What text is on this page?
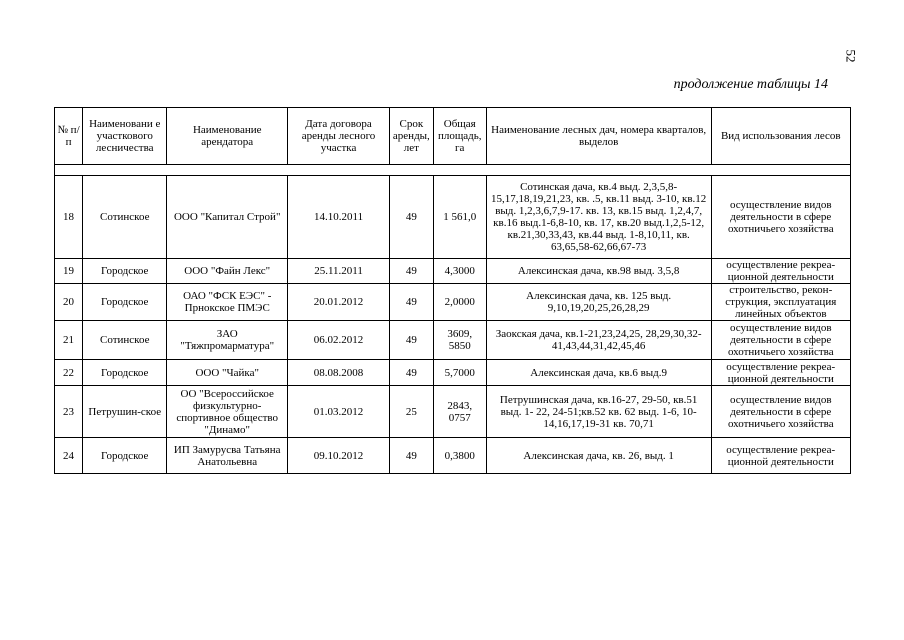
52
продолжение таблицы 14
№ п/п	Наименовани е участкового лесничества	Наименование арендатора	Дата договора аренды лесного участка	Срок аренды, лет	Общая площадь, га	Наименование лесных дач, номера кварталов, выделов	Вид использования лесов

18	Сотинское	ООО "Капитал Строй"	14.10.2011	49	1 561,0	Сотинская дача, кв.4 выд. 2,3,5,8-15,17,18,19,21,23, кв. .5, кв.11 выд. 3-10, кв.12 выд. 1,2,3,6,7,9-17. кв. 13, кв.15 выд. 1,2,4,7, кв.16 выд.1-6,8-10, кв. 17, кв.20 выд.1,2,5-12, кв.21,30,33,43, кв.44 выд. 1-8,10,11, кв. 63,65,58-62,66,67-73	осуществление видов деятельности в сфере охотничьего хозяйства
19	Городское	ООО "Файн Лекс"	25.11.2011	49	4,3000	Алексинская дача, кв.98 выд. 3,5,8	осуществление рекреа-ционной деятельности
20	Городское	ОАО "ФСК ЕЭС" - Прнокское ПМЭС	20.01.2012	49	2,0000	Алексинская дача, кв. 125 выд. 9,10,19,20,25,26,28,29	строительство, рекон-струкция, эксплуатация линейных объектов
21	Сотинское	ЗАО "Тяжпромарматура"	06.02.2012	49	3609, 5850	Заокская дача, кв.1-21,23,24,25, 28,29,30,32-41,43,44,31,42,45,46	осуществление видов деятельности в сфере охотничьего хозяйства
22	Городское	ООО "Чайка"	08.08.2008	49	5,7000	Алексинская дача, кв.6 выд.9	осуществление рекреа-ционной деятельности
23	Петрушин-ское	ОО "Всероссийское физкультурно-спортивное общество "Динамо"	01.03.2012	25	2843, 0757	Петрушинская дача, кв.16-27, 29-50, кв.51 выд. 1- 22, 24-51;кв.52 кв. 62 выд. 1-6, 10-14,16,17,19-31 кв. 70,71	осуществление видов деятельности в сфере охотничьего хозяйства
24	Городское	ИП Замурусва Татьяна Анатольевна	09.10.2012	49	0,3800	Алексинская дача, кв. 26, выд. 1	осуществление рекреа-ционной деятельности
